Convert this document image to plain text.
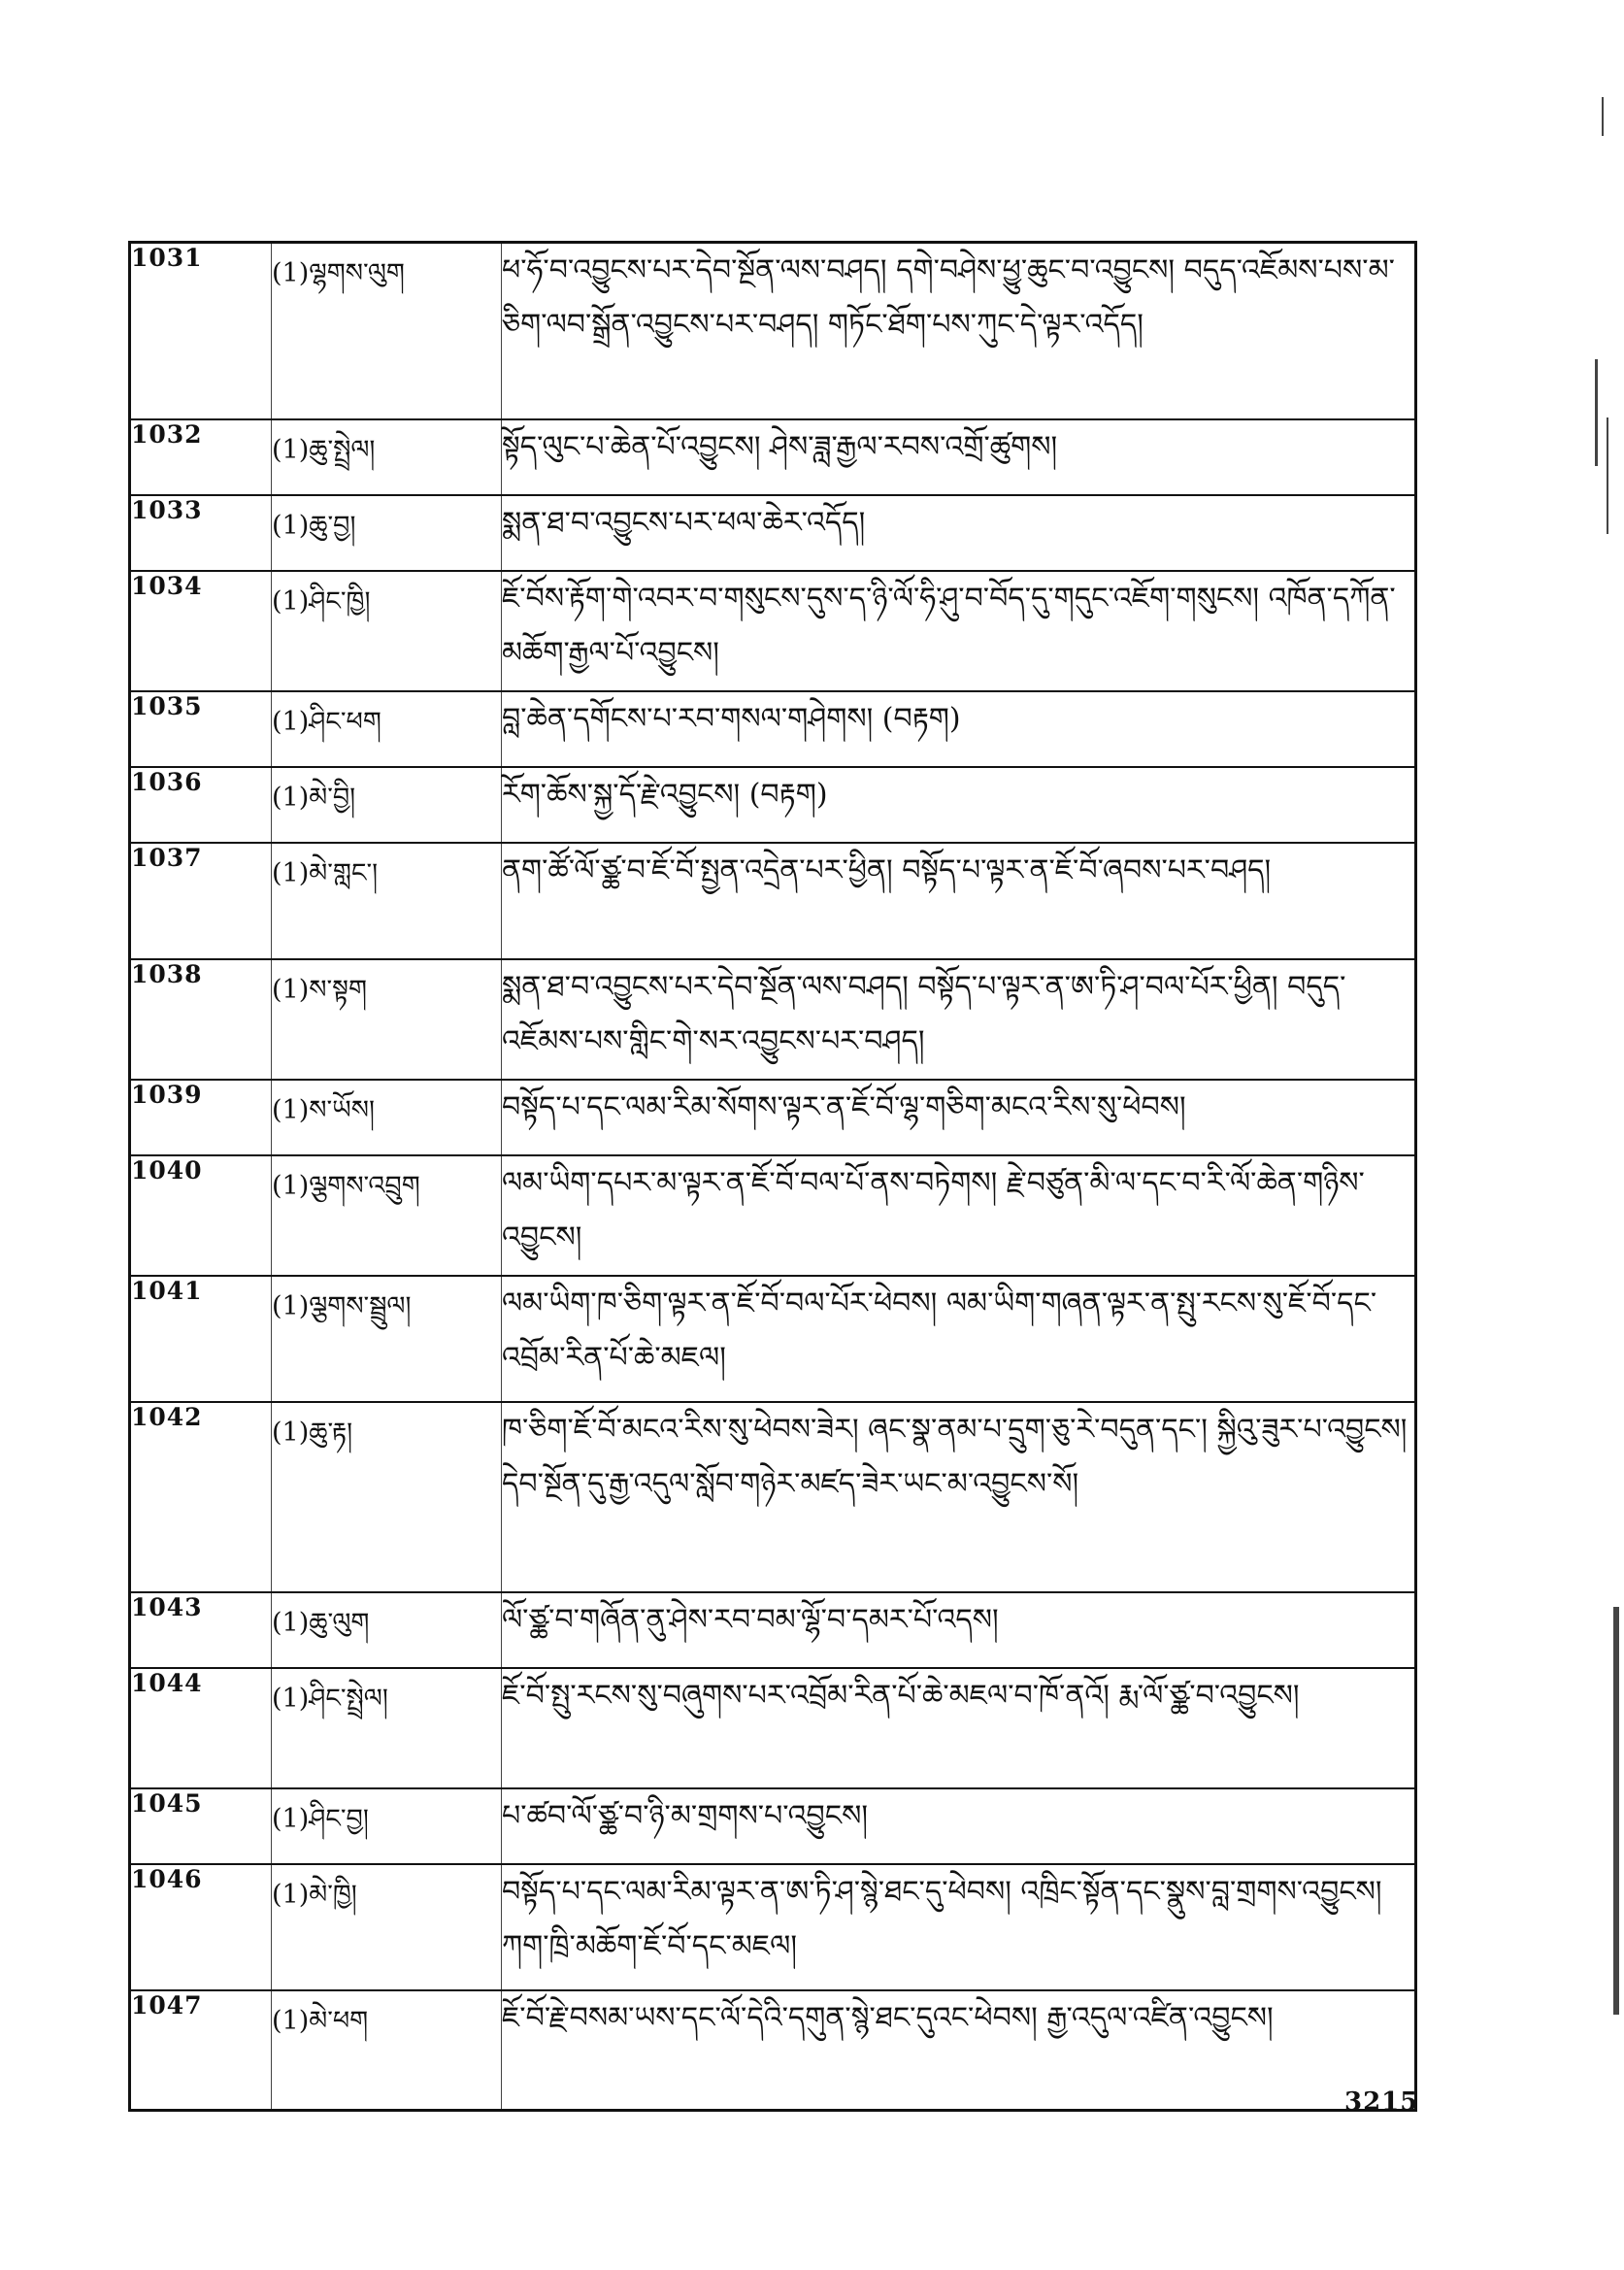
1031	(1)ལྷགས་ལུག	ཕ་ཧོ་བ་འབྱུངས་པར་དེབ་སྔོན་ལས་བཤད། དགེ་བཤེས་ཕྱུ་ཆུང་བ་འབྱུངས། བདུད་འཇོམས་པས་མ་ཅིག་ལབ་སྒྲོན་འབྱུངས་པར་བཤད། གཏོང་ཐོག་པས་ཀུང་དེ་ལྟར་འདོད།
1032	(1)ཆུ་སྤྲེལ།	སྟོད་ལུང་པ་ཆེན་པོ་འབྱུངས། ཤེས་ཟླ་རྒྱལ་རབས་འགྲོ་ཚུགས།
1033	(1)ཆུ་བྱ།	སྨན་ཐ་བ་འབྱུངས་པར་ཕལ་ཆེར་འདོད།
1034	(1)ཤིང་ཁྱི།	ཇོ་བོས་རྟོག་གེ་འབར་བ་གསུངས་དུས་ད་ཉི་ལོ་ཧི་ཤུ་བ་བོད་དུ་གདུང་འཇོག་གསུངས། འཁོན་དཀོན་མཆོག་རྒྱལ་པོ་འབྱུངས།
1035	(1)ཤིང་ཕག	བླ་ཆེན་དགོངས་པ་རབ་གསལ་གཤེགས། (བརྟག)
1036	(1)མེ་བྱི།	རོག་ཆོས་སྐྱ་དོ་རྗེ་འབྱུངས། (བརྟག)
1037	(1)མེ་གླང་།	ནག་ཚོ་ལོ་ཙྪ་བ་ཇོ་བོ་སྤྱན་འདྲེན་པར་ཕྱིན། བསྟོད་པ་ལྟར་ན་ཇོ་བོ་ཞབས་པར་བཤད།
1038	(1)ས་སྟག	སྨན་ཐ་བ་འབྱུངས་པར་དེབ་སྔོན་ལས་བཤད། བསྟོད་པ་ལྟར་ན་ཨ་ཏི་ཤ་བལ་པོར་ཕྱིན། བདུད་འཇོམས་པས་གླིང་གེ་སར་འབྱུངས་པར་བཤད།
1039	(1)ས་ཡོས།	བསྟོད་པ་དང་ལམ་རིམ་སོགས་ལྟར་ན་ཇོ་བོ་ལྷ་གཅིག་མངའ་རིས་སུ་ཕེབས།
1040	(1)ལྕགས་འབྲུག	ལམ་ཡིག་དཔར་མ་ལྟར་ན་ཇོ་བོ་བལ་པོ་ནས་བཏེགས། རྗེ་བཙུན་མི་ལ་དང་བ་རི་ལོ་ཆེན་གཉིས་འབྱུངས།
1041	(1)ལྕགས་སྦྲུལ།	ལམ་ཡིག་ཁ་ཅིག་ལྟར་ན་ཇོ་བོ་བལ་པོར་ཕེབས། ལམ་ཡིག་གཞན་ལྟར་ན་སྤུ་རངས་སུ་ཇོ་བོ་དང་འབྲོམ་རིན་པོ་ཆེ་མཇལ།
1042	(1)ཆུ་རྟ།	ཁ་ཅིག་ཇོ་བོ་མངའ་རིས་སུ་ཕེབས་ཟེར། ཞང་སྣ་ནམ་པ་དྲུག་ཅུ་རེ་བདུན་དང་། སྐྱིའུ་ཟུར་པ་འབྱུངས། དེབ་སྔོན་དུ་རྒྱ་འདུལ་སློབ་གཉེར་མཛད་ཟེར་ཡང་མ་འབྱུངས་སོ།
1043	(1)ཆུ་ལུག	ལོ་ཙྪ་བ་གཞོན་ནུ་ཤེས་རབ་བམ་ལྷོ་བ་དམར་པོ་འདས།
1044	(1)ཤིང་སྤྲེལ།	ཇོ་བོ་སྤུ་རངས་སུ་བཞུགས་པར་འབྲོམ་རིན་པོ་ཆེ་མཇལ་བ་ཁོ་ནའོ། རྨ་ལོ་ཙྪ་བ་འབྱུངས།
1045	(1)ཤིང་བྱ།	པ་ཚབ་ལོ་ཙྪ་བ་ཉི་མ་གྲགས་པ་འབྱུངས།
1046	(1)མེ་ཁྱི།	བསྟོད་པ་དང་ལམ་རིམ་ལྟར་ན་ཨ་ཏི་ཤ་སྙེ་ཐང་དུ་ཕེབས། འཁྲིང་སྟོན་དང་སྣུས་བླ་གྲགས་འབྱུངས། ཀག་ཁྲི་མཆོག་ཇོ་བོ་དང་མཇལ།
1047	(1)མེ་ཕག	ཇོ་བོ་རྗེ་བསམ་ཡས་དང་ལོ་དེའི་དགུན་སྙེ་ཐང་དུའང་ཕེབས། རྒྱ་འདུལ་འཛིན་འབྱུངས།
3215
